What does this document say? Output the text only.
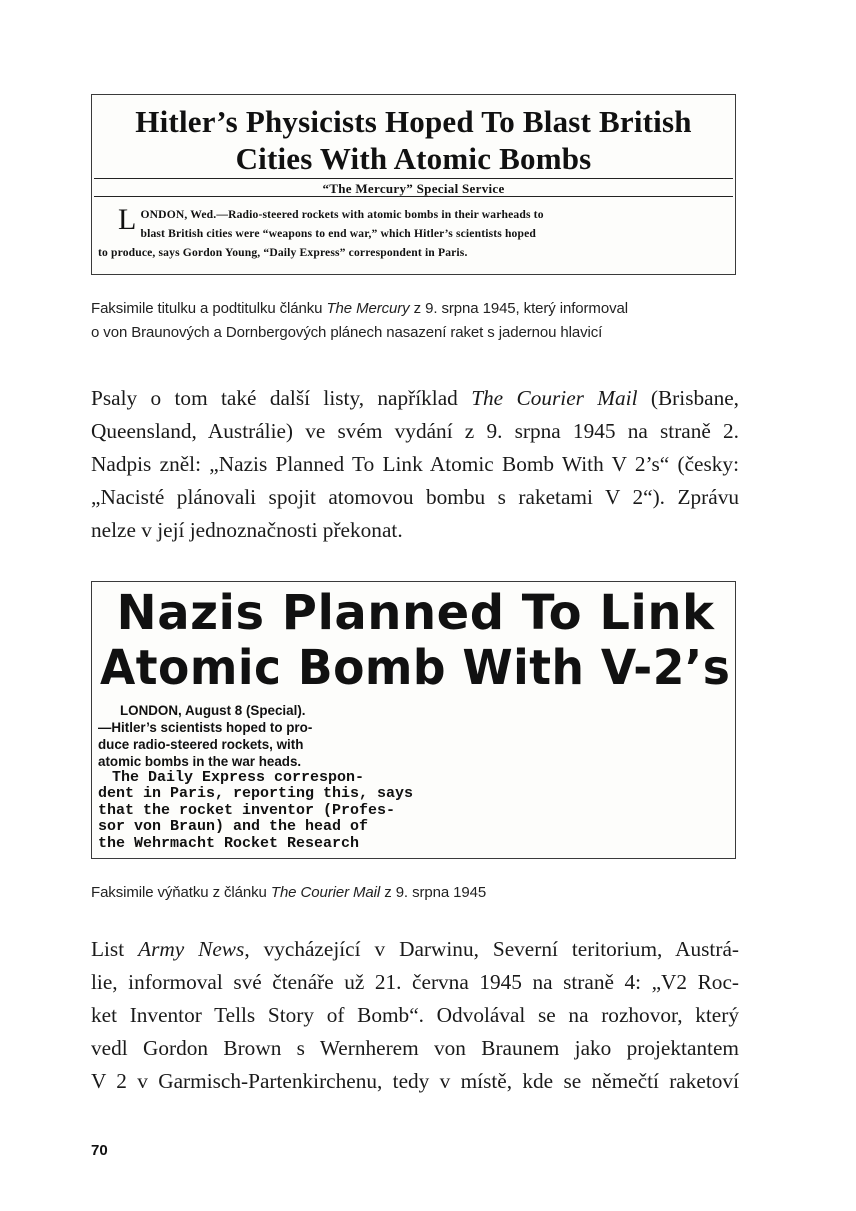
Hitler’s Physicists Hoped To Blast British
Cities With Atomic Bombs
“The Mercury” Special Service
L ONDON, Wed.—Radio-steered rockets with atomic bombs in their warheads to
blast British cities were “weapons to end war,” which Hitler’s scientists hoped

to produce, says Gordon Young, “Daily Express” correspondent in Paris.
Faksimile titulku a podtitulku článku The Mercury z 9. srpna 1945, který informoval
o von Braunových a Dornbergových plánech nasazení raket s jadernou hlavicí
Psaly o tom také další listy, například The Courier Mail (Brisbane,
Queensland, Austrálie) ve svém vydání z 9. srpna 1945 na straně 2.
Nadpis zněl: „Nazis Planned To Link Atomic Bomb With V 2’s“ (česky:
„Nacisté plánovali spojit atomovou bombu s raketami V 2“). Zprávu
nelze v její jednoznačnosti překonat.
Nazis Planned To Link
Atomic Bomb With V-2’s
LONDON, August 8 (Special).
—Hitler’s scientists hoped to pro-
duce radio-steered rockets, with
atomic bombs in the war heads.
The Daily Express correspon-
dent in Paris, reporting this, says
that the rocket inventor (Profes-
sor von Braun) and the head of
the Wehrmacht Rocket Research
Faksimile výňatku z článku The Courier Mail z 9. srpna 1945
List Army News, vycházející v Darwinu, Severní teritorium, Austrá-
lie, informoval své čtenáře už 21. června 1945 na straně 4: „V2 Roc-
ket Inventor Tells Story of Bomb“. Odvolával se na rozhovor, který
vedl Gordon Brown s Wernherem von Braunem jako projektantem
V 2 v Garmisch-Partenkirchenu, tedy v místě, kde se němečtí raketoví
70
